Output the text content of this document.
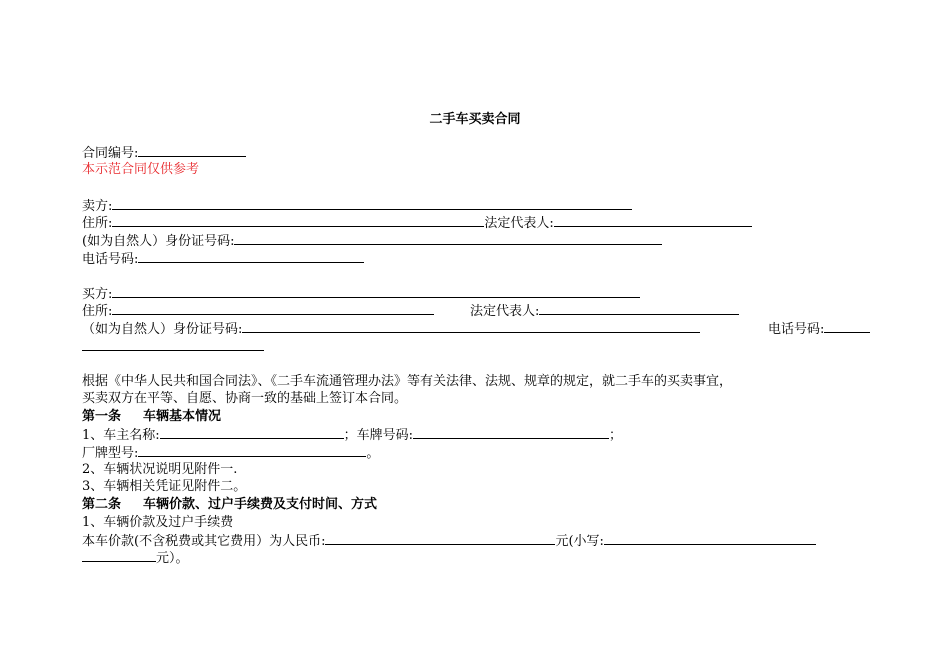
二手车买卖合同
合同编号:
本示范合同仅供参考
卖方:
住所:	法定代表人:
(如为自然人）身份证号码:
电话号码:
买方:
住所:	法定代表人:
（如为自然人）身份证号码:	电话号码:
根据《中华人民共和国合同法》、《二手车流通管理办法》等有关法律、法规、规章的规定，就二手车的买卖事宜，
买卖双方在平等、自愿、协商一致的基础上签订本合同。
第一条 车辆基本情况
1、车主名称:	；车牌号码:	；
厂牌型号:	。
2、车辆状况说明见附件一.
3、车辆相关凭证见附件二。
第二条 车辆价款、过户手续费及支付时间、方式
1、车辆价款及过户手续费
本车价款(不含税费或其它费用）为人民币:	元(小写:
元）。
